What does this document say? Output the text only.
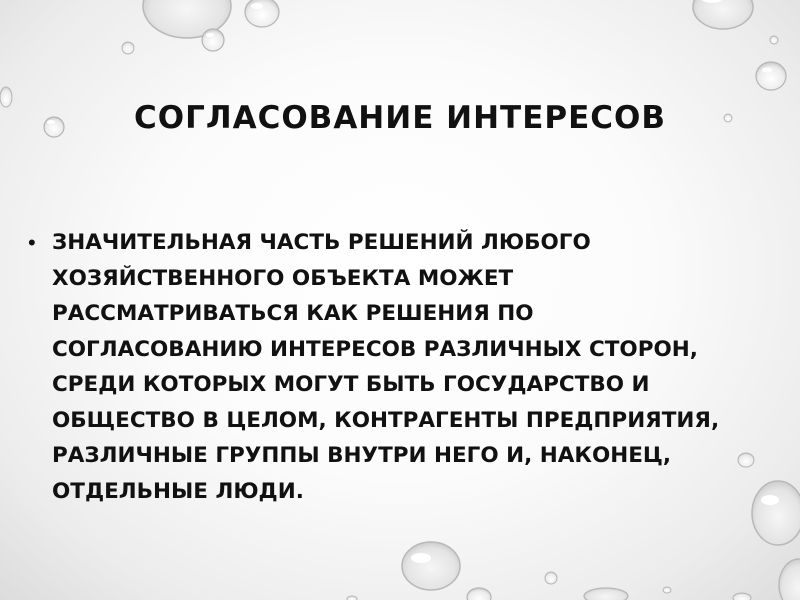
СОГЛАСОВАНИЕ ИНТЕРЕСОВ
• ЗНАЧИТЕЛЬНАЯ ЧАСТЬ РЕШЕНИЙ ЛЮБОГО ХОЗЯЙСТВЕННОГО ОБЪЕКТА МОЖЕТ РАССМАТРИВАТЬСЯ КАК РЕШЕНИЯ ПО СОГЛАСОВАНИЮ ИНТЕРЕСОВ РАЗЛИЧНЫХ СТОРОН, СРЕДИ КОТОРЫХ МОГУТ БЫТЬ ГОСУДАРСТВО И ОБЩЕСТВО В ЦЕЛОМ, КОНТРАГЕНТЫ ПРЕДПРИЯТИЯ, РАЗЛИЧНЫЕ ГРУППЫ ВНУТРИ НЕГО И, НАКОНЕЦ, ОТДЕЛЬНЫЕ ЛЮДИ.
